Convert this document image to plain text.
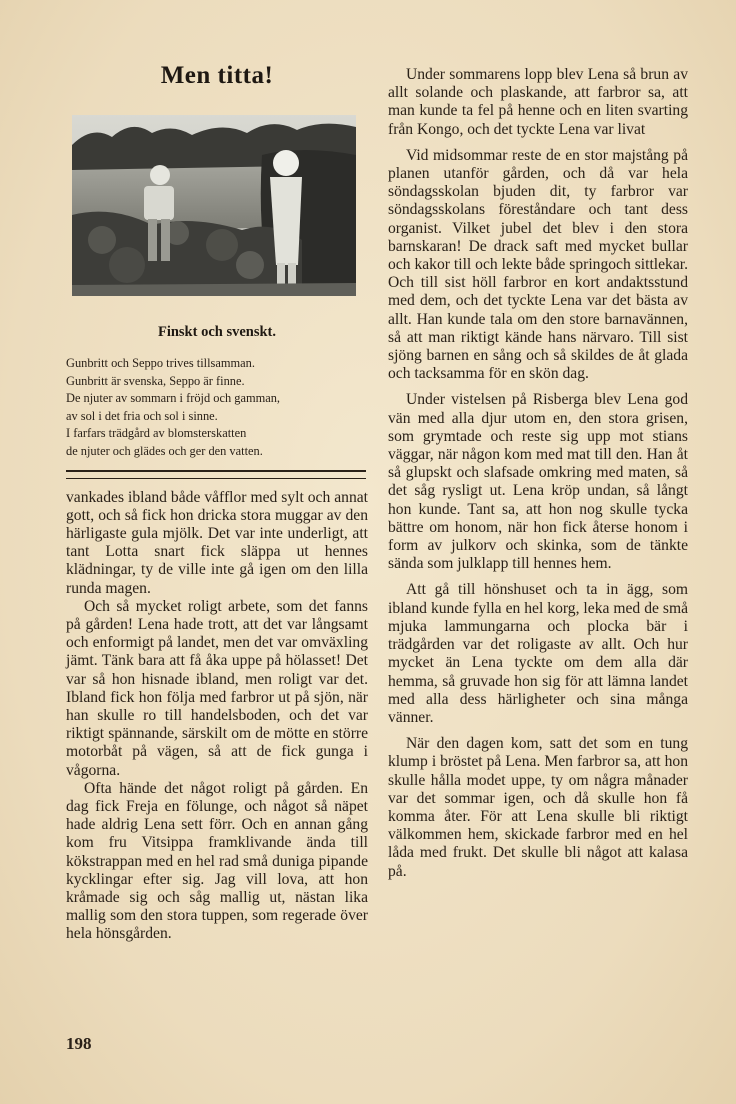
Men titta!
Finskt och svenskt.
Gunbritt och Seppo trives tillsamman.
Gunbritt är svenska, Seppo är finne.
De njuter av sommarn i fröjd och gamman,
av sol i det fria och sol i sinne.
I farfars trädgård av blomsterskatten
de njuter och glädes och ger den vatten.

vankades ibland både våfflor med sylt och annat gott, och så fick hon dricka stora muggar av den härligaste gula mjölk. Det var inte underligt, att tant Lotta snart fick släppa ut hennes klädningar, ty de ville inte gå igen om den lilla runda magen.

Och så mycket roligt arbete, som det fanns på gården! Lena hade trott, att det var långsamt och enformigt på landet, men det var omväxling jämt. Tänk bara att få åka uppe på hölasset! Det var så hon hisnade ibland, men roligt var det. Ibland fick hon följa med farbror ut på sjön, när han skulle ro till handelsboden, och det var riktigt spännande, särskilt om de mötte en större motorbåt på vägen, så att de fick gunga i vågorna.

Ofta hände det något roligt på gården. En dag fick Freja en fölunge, och något så näpet hade aldrig Lena sett förr. Och en annan gång kom fru Vitsippa framklivande ända till kökstrappan med en hel rad små duniga pipande kycklingar efter sig. Jag vill lova, att hon kråmade sig och såg mallig ut, nästan lika mallig som den stora tuppen, som regerade över hela hönsgården.

Under sommarens lopp blev Lena så brun av allt solande och plaskande, att farbror sa, att man kunde ta fel på henne och en liten svarting från Kongo, och det tyckte Lena var livat

Vid midsommar reste de en stor majstång på planen utanför gården, och då var hela söndagsskolan bjuden dit, ty farbror var söndagsskolans föreståndare och tant dess organist. Vilket jubel det blev i den stora barnskaran! De drack saft med mycket bullar och kakor till och lekte både springoch sittlekar. Och till sist höll farbror en kort andaktsstund med dem, och det tyckte Lena var det bästa av allt. Han kunde tala om den store barnavännen, så att man riktigt kände hans närvaro. Till sist sjöng barnen en sång och så skildes de åt glada och tacksamma för en skön dag.

Under vistelsen på Risberga blev Lena god vän med alla djur utom en, den stora grisen, som grymtade och reste sig upp mot stians väggar, när någon kom med mat till den. Han åt så glupskt och slafsade omkring med maten, så det såg rysligt ut. Lena kröp undan, så långt hon kunde. Tant sa, att hon nog skulle tycka bättre om honom, när hon fick återse honom i form av julkorv och skinka, som de tänkte sända som julklapp till hennes hem.

Att gå till hönshuset och ta in ägg, som ibland kunde fylla en hel korg, leka med de små mjuka lammungarna och plocka bär i trädgården var det roligaste av allt. Och hur mycket än Lena tyckte om dem alla där hemma, så gruvade hon sig för att lämna landet med alla dess härligheter och sina många vänner.

När den dagen kom, satt det som en tung klump i bröstet på Lena. Men farbror sa, att hon skulle hålla modet uppe, ty om några månader var det sommar igen, och då skulle hon få komma åter. För att Lena skulle bli riktigt välkommen hem, skickade farbror med en hel låda med frukt. Det skulle bli något att kalasa på.

198
